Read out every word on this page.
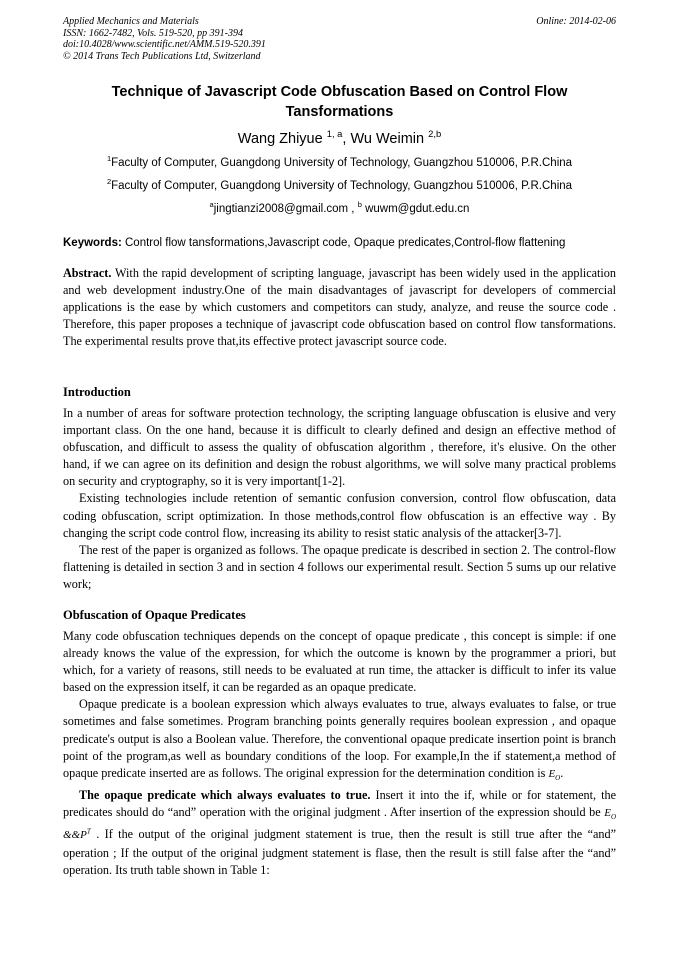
Applied Mechanics and Materials
ISSN: 1662-7482, Vols. 519-520, pp 391-394
doi:10.4028/www.scientific.net/AMM.519-520.391
© 2014 Trans Tech Publications Ltd, Switzerland
Online: 2014-02-06
Technique of Javascript Code Obfuscation Based on Control Flow Tansformations
Wang Zhiyue $^{1, a}$, Wu Weimin $^{2,b}$
$^1$Faculty of Computer, Guangdong University of Technology, Guangzhou 510006, P.R.China
$^2$Faculty of Computer, Guangdong University of Technology, Guangzhou 510006, P.R.China
$^a$jingtianzi2008@gmail.com , $^b$ wuwm@gdut.edu.cn
Keywords: Control flow tansformations,Javascript code, Opaque predicates,Control-flow flattening

Abstract. With the rapid development of scripting language, javascript has been widely used in the application and web development industry.One of the main disadvantages of javascript for developers of commercial applications is the ease by which customers and competitors can study, analyze, and reuse the source code . Therefore, this paper proposes a technique of javascript code obfuscation based on control flow tansformations. The experimental results prove that,its effective protect javascript source code.

Introduction

In a number of areas for software protection technology, the scripting language obfuscation is elusive and very important class. On the one hand, because it is difficult to clearly defined and design an effective method of obfuscation, and difficult to assess the quality of obfuscation algorithm , therefore, it's elusive. On the other hand, if we can agree on its definition and design the robust algorithms, we will solve many practical problems on security and cryptography, so it is very important[1-2].

Existing technologies include retention of semantic confusion conversion, control flow obfuscation, data coding obfuscation, script optimization. In those methods,control flow obfuscation is an effective way . By changing the script code control flow, increasing its ability to resist static analysis of the attacker[3-7].

The rest of the paper is organized as follows. The opaque predicate is described in section 2. The control-flow flattening is detailed in section 3 and in section 4 follows our experimental result. Section 5 sums up our relative work;

Obfuscation of Opaque Predicates

Many code obfuscation techniques depends on the concept of opaque predicate , this concept is simple: if one already knows the value of the expression, for which the outcome is known by the programmer a priori, but which, for a variety of reasons, still needs to be evaluated at run time, the attacker is difficult to infer its value based on the expression itself, it can be regarded as an opaque predicate.

Opaque predicate is a boolean expression which always evaluates to true, always evaluates to false, or true sometimes and false sometimes. Program branching points generally requires boolean expression , and opaque predicate's output is also a Boolean value. Therefore, the conventional opaque predicate insertion point is branch point of the program,as well as boundary conditions of the loop. For example,In the if statement,a method of opaque predicate inserted are as follows. The original expression for the determination condition is $E_O$.

The opaque predicate which always evaluates to true. Insert it into the if, while or for statement, the predicates should do “and” operation with the original judgment . After insertion of the expression should be $E_O$ $\&\&P^T$ . If the output of the original judgment statement is true, then the result is still true after the “and” operation ; If the output of the original judgment statement is flase, then the result is still false after the “and” operation. Its truth table shown in Table 1:
